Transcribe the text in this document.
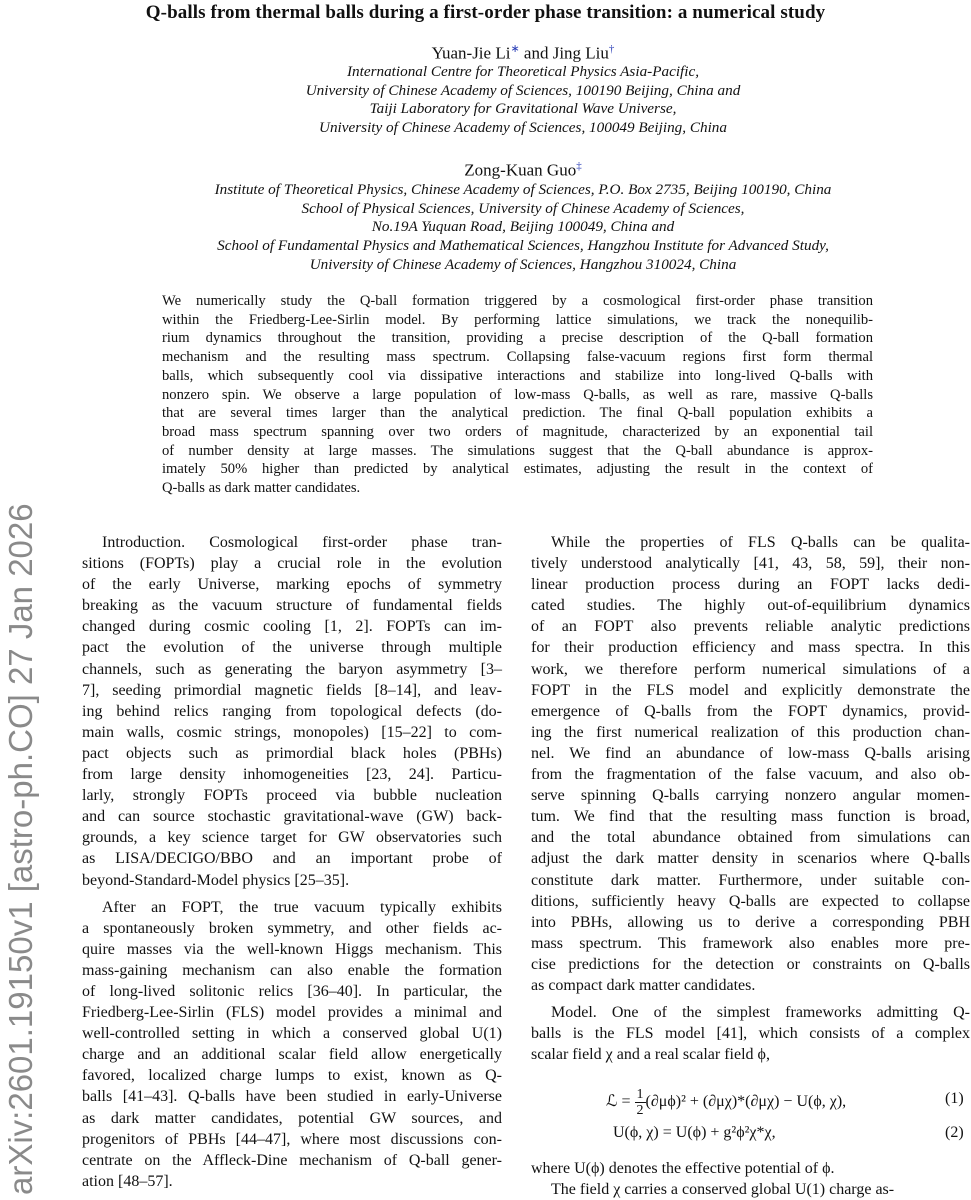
arXiv:2601.19150v1 [astro-ph.CO] 27 Jan 2026
Q-balls from thermal balls during a first-order phase transition: a numerical study
Yuan-Jie Li∗ and Jing Liu†
International Centre for Theoretical Physics Asia-Pacific,
University of Chinese Academy of Sciences, 100190 Beijing, China and
Taiji Laboratory for Gravitational Wave Universe,
University of Chinese Academy of Sciences, 100049 Beijing, China
Zong-Kuan Guo‡
Institute of Theoretical Physics, Chinese Academy of Sciences, P.O. Box 2735, Beijing 100190, China
School of Physical Sciences, University of Chinese Academy of Sciences,
No.19A Yuquan Road, Beijing 100049, China and
School of Fundamental Physics and Mathematical Sciences, Hangzhou Institute for Advanced Study,
University of Chinese Academy of Sciences, Hangzhou 310024, China
We numerically study the Q-ball formation triggered by a cosmological first-order phase transition
within the Friedberg-Lee-Sirlin model. By performing lattice simulations, we track the nonequilib-
rium dynamics throughout the transition, providing a precise description of the Q-ball formation
mechanism and the resulting mass spectrum. Collapsing false-vacuum regions first form thermal
balls, which subsequently cool via dissipative interactions and stabilize into long-lived Q-balls with
nonzero spin. We observe a large population of low-mass Q-balls, as well as rare, massive Q-balls
that are several times larger than the analytical prediction. The final Q-ball population exhibits a
broad mass spectrum spanning over two orders of magnitude, characterized by an exponential tail
of number density at large masses. The simulations suggest that the Q-ball abundance is approx-
imately 50% higher than predicted by analytical estimates, adjusting the result in the context of
Q-balls as dark matter candidates.
Introduction. Cosmological first-order phase tran-
sitions (FOPTs) play a crucial role in the evolution
of the early Universe, marking epochs of symmetry
breaking as the vacuum structure of fundamental fields
changed during cosmic cooling [1, 2]. FOPTs can im-
pact the evolution of the universe through multiple
channels, such as generating the baryon asymmetry [3–
7], seeding primordial magnetic fields [8–14], and leav-
ing behind relics ranging from topological defects (do-
main walls, cosmic strings, monopoles) [15–22] to com-
pact objects such as primordial black holes (PBHs)
from large density inhomogeneities [23, 24]. Particu-
larly, strongly FOPTs proceed via bubble nucleation
and can source stochastic gravitational-wave (GW) back-
grounds, a key science target for GW observatories such
as LISA/DECIGO/BBO and an important probe of
beyond-Standard-Model physics [25–35].
After an FOPT, the true vacuum typically exhibits
a spontaneously broken symmetry, and other fields ac-
quire masses via the well-known Higgs mechanism. This
mass-gaining mechanism can also enable the formation
of long-lived solitonic relics [36–40]. In particular, the
Friedberg-Lee-Sirlin (FLS) model provides a minimal and
well-controlled setting in which a conserved global U(1)
charge and an additional scalar field allow energetically
favored, localized charge lumps to exist, known as Q-
balls [41–43]. Q-balls have been studied in early-Universe
as dark matter candidates, potential GW sources, and
progenitors of PBHs [44–47], where most discussions con-
centrate on the Affleck-Dine mechanism of Q-ball gener-
ation [48–57].
While the properties of FLS Q-balls can be qualita-
tively understood analytically [41, 43, 58, 59], their non-
linear production process during an FOPT lacks dedi-
cated studies. The highly out-of-equilibrium dynamics
of an FOPT also prevents reliable analytic predictions
for their production efficiency and mass spectra. In this
work, we therefore perform numerical simulations of a
FOPT in the FLS model and explicitly demonstrate the
emergence of Q-balls from the FOPT dynamics, provid-
ing the first numerical realization of this production chan-
nel. We find an abundance of low-mass Q-balls arising
from the fragmentation of the false vacuum, and also ob-
serve spinning Q-balls carrying nonzero angular momen-
tum. We find that the resulting mass function is broad,
and the total abundance obtained from simulations can
adjust the dark matter density in scenarios where Q-balls
constitute dark matter. Furthermore, under suitable con-
ditions, sufficiently heavy Q-balls are expected to collapse
into PBHs, allowing us to derive a corresponding PBH
mass spectrum. This framework also enables more pre-
cise predictions for the detection or constraints on Q-balls
as compact dark matter candidates.
Model. One of the simplest frameworks admitting Q-
balls is the FLS model [41], which consists of a complex
scalar field χ and a real scalar field ϕ,
ℒ = $\frac{1}{2} (\partial\mu\phi)^2 + (\partial\mu\chi)*(\partial\mu\chi) - U(\phi$, χ),	(1)
U(ϕ, χ) = U(ϕ) + g²ϕ²χ*χ,	(2)
where U(ϕ) denotes the effective potential of ϕ.
The field χ carries a conserved global U(1) charge as-
